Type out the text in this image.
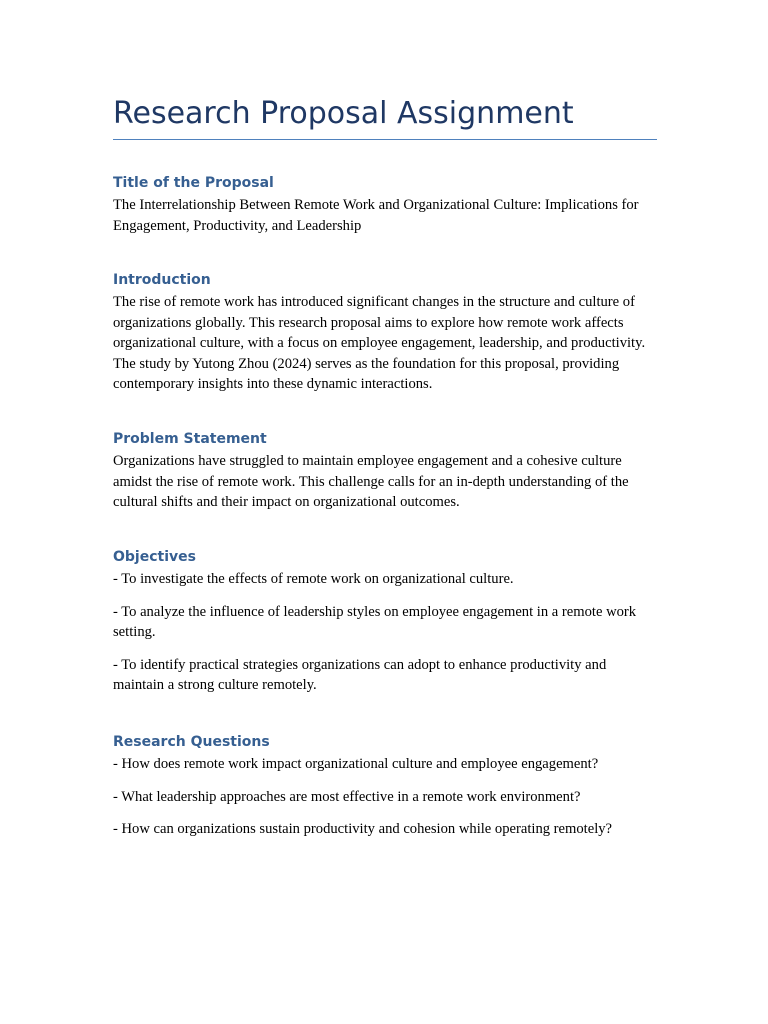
Research Proposal Assignment
Title of the Proposal

The Interrelationship Between Remote Work and Organizational Culture: Implications for Engagement, Productivity, and Leadership

Introduction

The rise of remote work has introduced significant changes in the structure and culture of organizations globally. This research proposal aims to explore how remote work affects organizational culture, with a focus on employee engagement, leadership, and productivity. The study by Yutong Zhou (2024) serves as the foundation for this proposal, providing contemporary insights into these dynamic interactions.

Problem Statement

Organizations have struggled to maintain employee engagement and a cohesive culture amidst the rise of remote work. This challenge calls for an in-depth understanding of the cultural shifts and their impact on organizational outcomes.

Objectives

- To investigate the effects of remote work on organizational culture.

- To analyze the influence of leadership styles on employee engagement in a remote work setting.

- To identify practical strategies organizations can adopt to enhance productivity and maintain a strong culture remotely.

Research Questions

- How does remote work impact organizational culture and employee engagement?

- What leadership approaches are most effective in a remote work environment?

- How can organizations sustain productivity and cohesion while operating remotely?
